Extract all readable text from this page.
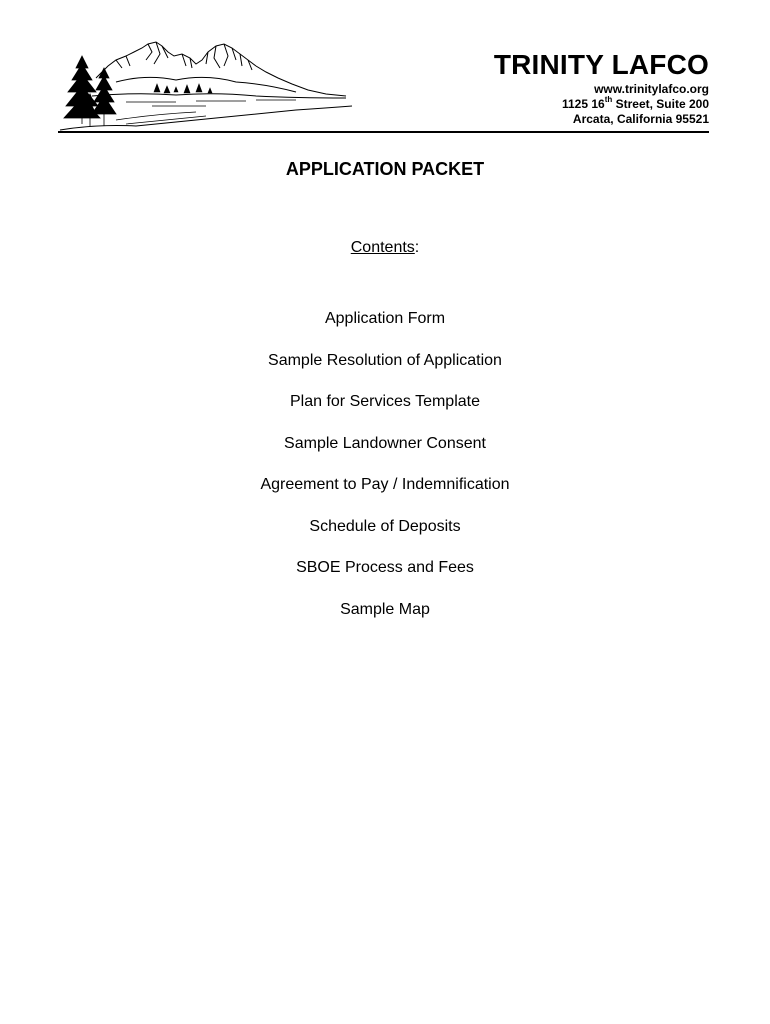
TRINITY LAFCO
www.trinitylafco.org
1125 16th Street, Suite 200
Arcata, California 95521
APPLICATION PACKET
Contents:
Application Form
Sample Resolution of Application
Plan for Services Template
Sample Landowner Consent
Agreement to Pay / Indemnification
Schedule of Deposits
SBOE Process and Fees
Sample Map
